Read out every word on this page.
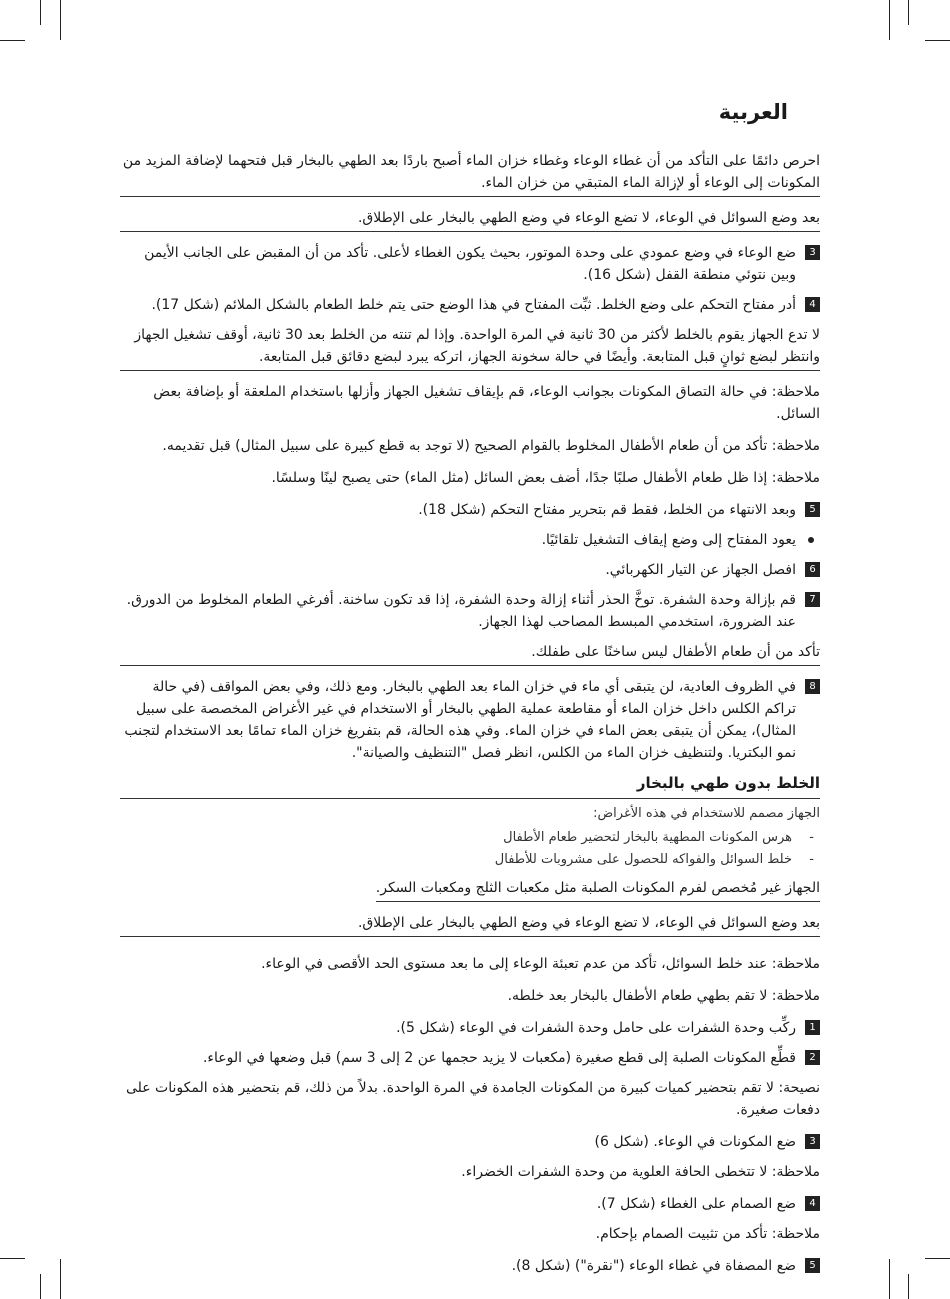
العربية
احرص دائمًا على التأكد من أن غطاء الوعاء وغطاء خزان الماء أصبح باردًا بعد الطهي بالبخار قبل فتحهما لإضافة المزيد من المكونات إلى الوعاء أو لإزالة الماء المتبقي من خزان الماء.
بعد وضع السوائل في الوعاء، لا تضع الوعاء في وضع الطهي بالبخار على الإطلاق.
3
ضع الوعاء في وضع عمودي على وحدة الموتور، بحيث يكون الغطاء لأعلى. تأكد من أن المقبض على الجانب الأيمن وبين نتوئي منطقة القفل (شكل 16).
4
أدر مفتاح التحكم على وضع الخلط. ثبِّت المفتاح في هذا الوضع حتى يتم خلط الطعام بالشكل الملائم (شكل 17).
لا تدع الجهاز يقوم بالخلط لأكثر من 30 ثانية في المرة الواحدة. وإذا لم تنته من الخلط بعد 30 ثانية، أوقف تشغيل الجهاز وانتظر لبضع ثوانٍ قبل المتابعة. وأيضًا في حالة سخونة الجهاز، اتركه يبرد لبضع دقائق قبل المتابعة.
ملاحظة: في حالة التصاق المكونات بجوانب الوعاء، قم بإيقاف تشغيل الجهاز وأزلها باستخدام الملعقة أو بإضافة بعض السائل.
ملاحظة: تأكد من أن طعام الأطفال المخلوط بالقوام الصحيح (لا توجد به قطع كبيرة على سبيل المثال) قبل تقديمه.
ملاحظة: إذا ظل طعام الأطفال صلبًا جدًا، أضف بعض السائل (مثل الماء) حتى يصبح لينًا وسلسًا.
5
وبعد الانتهاء من الخلط، فقط قم بتحرير مفتاح التحكم (شكل 18).
يعود المفتاح إلى وضع إيقاف التشغيل تلقائيًا.
6
افصل الجهاز عن التيار الكهربائي.
7
قم بإزالة وحدة الشفرة. توخَّ الحذر أثناء إزالة وحدة الشفرة، إذا قد تكون ساخنة. أفرغي الطعام المخلوط من الدورق. عند الضرورة، استخدمي المبسط المصاحب لهذا الجهاز.
تأكد من أن طعام الأطفال ليس ساخنًا على طفلك.
8
في الظروف العادية، لن يتبقى أي ماء في خزان الماء بعد الطهي بالبخار. ومع ذلك، وفي بعض المواقف (في حالة تراكم الكلس داخل خزان الماء أو مقاطعة عملية الطهي بالبخار أو الاستخدام في غير الأغراض المخصصة على سبيل المثال)، يمكن أن يتبقى بعض الماء في خزان الماء. وفي هذه الحالة، قم بتفريغ خزان الماء تمامًا بعد الاستخدام لتجنب نمو البكتريا. ولتنظيف خزان الماء من الكلس، انظر فصل "التنظيف والصيانة".
الخلط بدون طهي بالبخار
الجهاز مصمم للاستخدام في هذه الأغراض:
-
هرس المكونات المطهية بالبخار لتحضير طعام الأطفال
-
خلط السوائل والفواكه للحصول على مشروبات للأطفال
الجهاز غير مُخصص لفرم المكونات الصلبة مثل مكعبات الثلج ومكعبات السكر.
بعد وضع السوائل في الوعاء، لا تضع الوعاء في وضع الطهي بالبخار على الإطلاق.
ملاحظة: عند خلط السوائل، تأكد من عدم تعبئة الوعاء إلى ما بعد مستوى الحد الأقصى في الوعاء.
ملاحظة: لا تقم بطهي طعام الأطفال بالبخار بعد خلطه.
1
ركِّب وحدة الشفرات على حامل وحدة الشفرات في الوعاء (شكل 5).
2
قطِّع المكونات الصلبة إلى قطع صغيرة (مكعبات لا يزيد حجمها عن 2 إلى 3 سم) قبل وضعها في الوعاء.
نصيحة: لا تقم بتحضير كميات كبيرة من المكونات الجامدة في المرة الواحدة. بدلاً من ذلك، قم بتحضير هذه المكونات على دفعات صغيرة.
3
ضع المكونات في الوعاء. (شكل 6)
ملاحظة: لا تتخطى الحافة العلوية من وحدة الشفرات الخضراء.
4
ضع الصمام على الغطاء (شكل 7).
ملاحظة: تأكد من تثبيت الصمام بإحكام.
5
ضع المصفاة في غطاء الوعاء ("نقرة") (شكل 8).
